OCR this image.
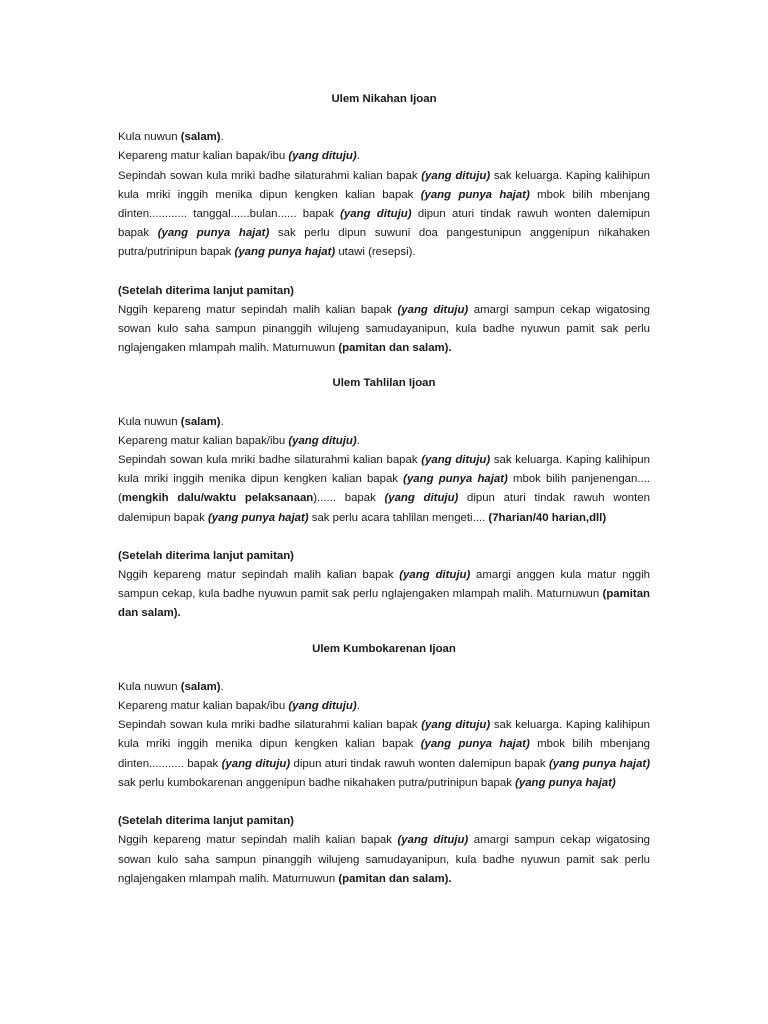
Ulem Nikahan Ijoan

Kula nuwun (salam).

Kepareng matur kalian bapak/ibu (yang dituju).

Sepindah sowan kula mriki badhe silaturahmi kalian bapak (yang dituju) sak keluarga. Kaping kalihipun kula mriki inggih menika dipun kengken kalian bapak (yang punya hajat) mbok bilih mbenjang dinten............ tanggal......bulan...... bapak (yang dituju) dipun aturi tindak rawuh wonten dalemipun bapak (yang punya hajat) sak perlu dipun suwuni doa pangestunipun anggenipun nikahaken putra/putrinipun bapak (yang punya hajat) utawi (resepsi).

(Setelah diterima lanjut pamitan)

Nggih kepareng matur sepindah malih kalian bapak (yang dituju) amargi sampun cekap wigatosing sowan kulo saha sampun pinanggih wilujeng samudayanipun, kula badhe nyuwun pamit sak perlu nglajengaken mlampah malih. Maturnuwun (pamitan dan salam).

Ulem Tahlilan Ijoan

Kula nuwun (salam).

Kepareng matur kalian bapak/ibu (yang dituju).

Sepindah sowan kula mriki badhe silaturahmi kalian bapak (yang dituju) sak keluarga. Kaping kalihipun kula mriki inggih menika dipun kengken kalian bapak (yang punya hajat) mbok bilih panjenengan....(mengkih dalu/waktu pelaksanaan)...... bapak (yang dituju) dipun aturi tindak rawuh wonten dalemipun bapak (yang punya hajat) sak perlu acara tahlilan mengeti.... (7harian/40 harian,dll)

(Setelah diterima lanjut pamitan)

Nggih kepareng matur sepindah malih kalian bapak (yang dituju) amargi anggen kula matur nggih sampun cekap, kula badhe nyuwun pamit sak perlu nglajengaken mlampah malih. Maturnuwun (pamitan dan salam).

Ulem Kumbokarenan Ijoan

Kula nuwun (salam).

Kepareng matur kalian bapak/ibu (yang dituju).

Sepindah sowan kula mriki badhe silaturahmi kalian bapak (yang dituju) sak keluarga. Kaping kalihipun kula mriki inggih menika dipun kengken kalian bapak (yang punya hajat) mbok bilih mbenjang dinten........... bapak (yang dituju) dipun aturi tindak rawuh wonten dalemipun bapak (yang punya hajat) sak perlu kumbokarenan anggenipun badhe nikahaken putra/putrinipun bapak (yang punya hajat)

(Setelah diterima lanjut pamitan)

Nggih kepareng matur sepindah malih kalian bapak (yang dituju) amargi sampun cekap wigatosing sowan kulo saha sampun pinanggih wilujeng samudayanipun, kula badhe nyuwun pamit sak perlu nglajengaken mlampah malih. Maturnuwun (pamitan dan salam).
